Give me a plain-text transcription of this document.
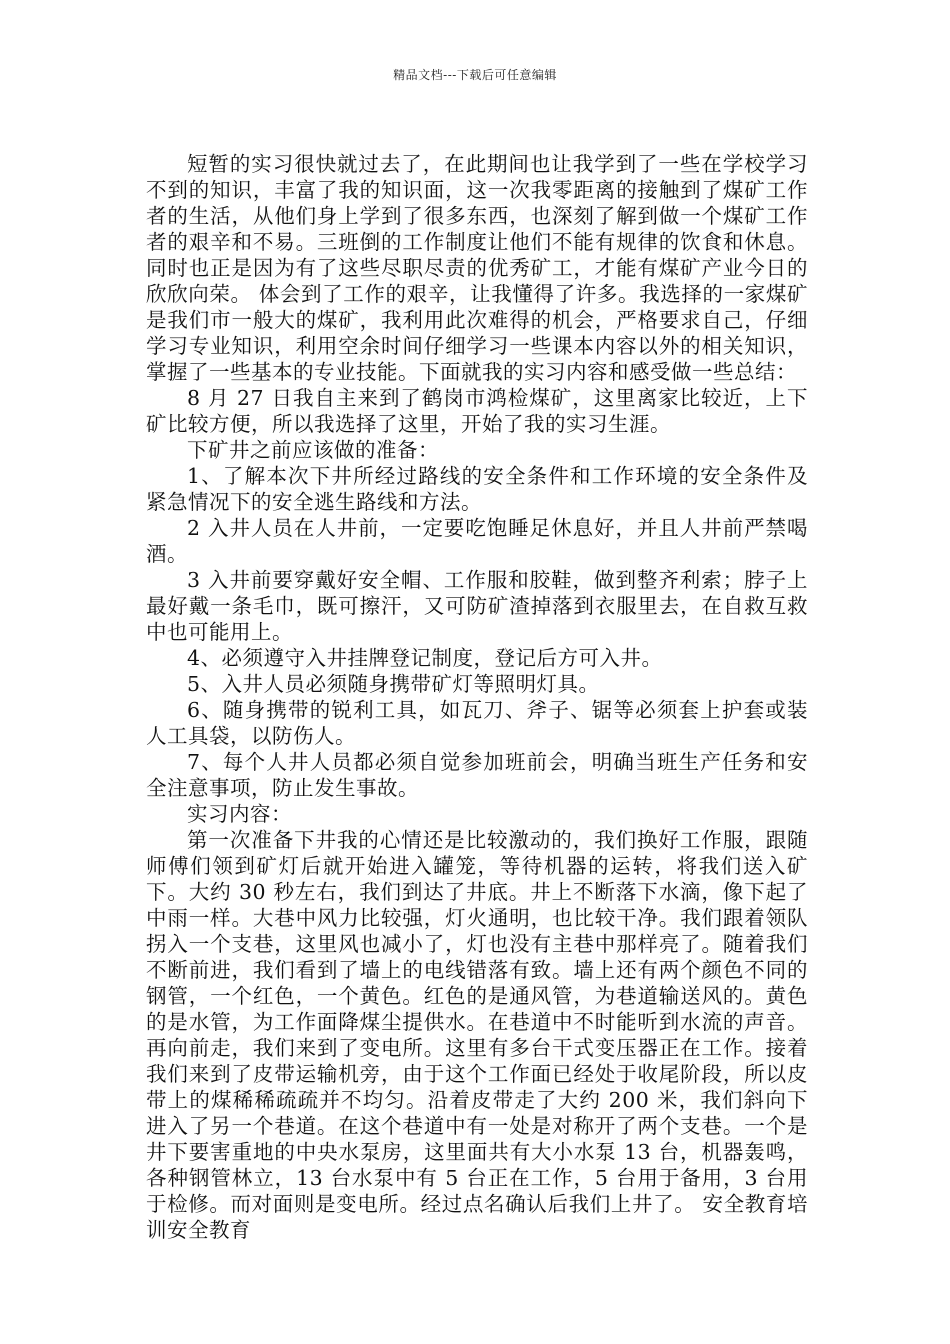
精品文档---下载后可任意编辑

短暂的实习很快就过去了，在此期间也让我学到了一些在学校学习不到的知识，丰富了我的知识面，这一次我零距离的接触到了煤矿工作者的生活，从他们身上学到了很多东西，也深刻了解到做一个煤矿工作者的艰辛和不易。三班倒的工作制度让他们不能有规律的饮食和休息。同时也正是因为有了这些尽职尽责的优秀矿工，才能有煤矿产业今日的欣欣向荣。 体会到了工作的艰辛，让我懂得了许多。我选择的一家煤矿是我们市一般大的煤矿，我利用此次难得的机会，严格要求自己，仔细学习专业知识，利用空余时间仔细学习一些课本内容以外的相关知识，掌握了一些基本的专业技能。下面就我的实习内容和感受做一些总结：

8 月 27 日我自主来到了鹤岗市鸿检煤矿，这里离家比较近，上下矿比较方便，所以我选择了这里，开始了我的实习生涯。

下矿井之前应该做的准备：

1、了解本次下井所经过路线的安全条件和工作环境的安全条件及紧急情况下的安全逃生路线和方法。

2 入井人员在人井前，一定要吃饱睡足休息好，并且人井前严禁喝酒。

3 入井前要穿戴好安全帽、工作服和胶鞋，做到整齐利索；脖子上最好戴一条毛巾，既可擦汗，又可防矿渣掉落到衣服里去，在自救互救中也可能用上。

4、必须遵守入井挂牌登记制度，登记后方可入井。

5、入井人员必须随身携带矿灯等照明灯具。

6、随身携带的锐利工具，如瓦刀、斧子、锯等必须套上护套或装人工具袋，以防伤人。

7、每个人井人员都必须自觉参加班前会，明确当班生产任务和安全注意事项，防止发生事故。

实习内容：

第一次准备下井我的心情还是比较激动的，我们换好工作服，跟随师傅们领到矿灯后就开始进入罐笼，等待机器的运转，将我们送入矿下。大约 30 秒左右，我们到达了井底。井上不断落下水滴，像下起了中雨一样。大巷中风力比较强，灯火通明，也比较干净。我们跟着领队拐入一个支巷，这里风也减小了，灯也没有主巷中那样亮了。随着我们不断前进，我们看到了墙上的电线错落有致。墙上还有两个颜色不同的钢管，一个红色，一个黄色。红色的是通风管，为巷道输送风的。黄色的是水管，为工作面降煤尘提供水。在巷道中不时能听到水流的声音。再向前走，我们来到了变电所。这里有多台干式变压器正在工作。接着我们来到了皮带运输机旁，由于这个工作面已经处于收尾阶段，所以皮带上的煤稀稀疏疏并不均匀。沿着皮带走了大约 200 米，我们斜向下进入了另一个巷道。在这个巷道中有一处是对称开了两个支巷。一个是井下要害重地的中央水泵房，这里面共有大小水泵 13 台，机器轰鸣，各种钢管林立，13 台水泵中有 5 台正在工作，5 台用于备用，3 台用于检修。而对面则是变电所。经过点名确认后我们上井了。 安全教育培训安全教育
